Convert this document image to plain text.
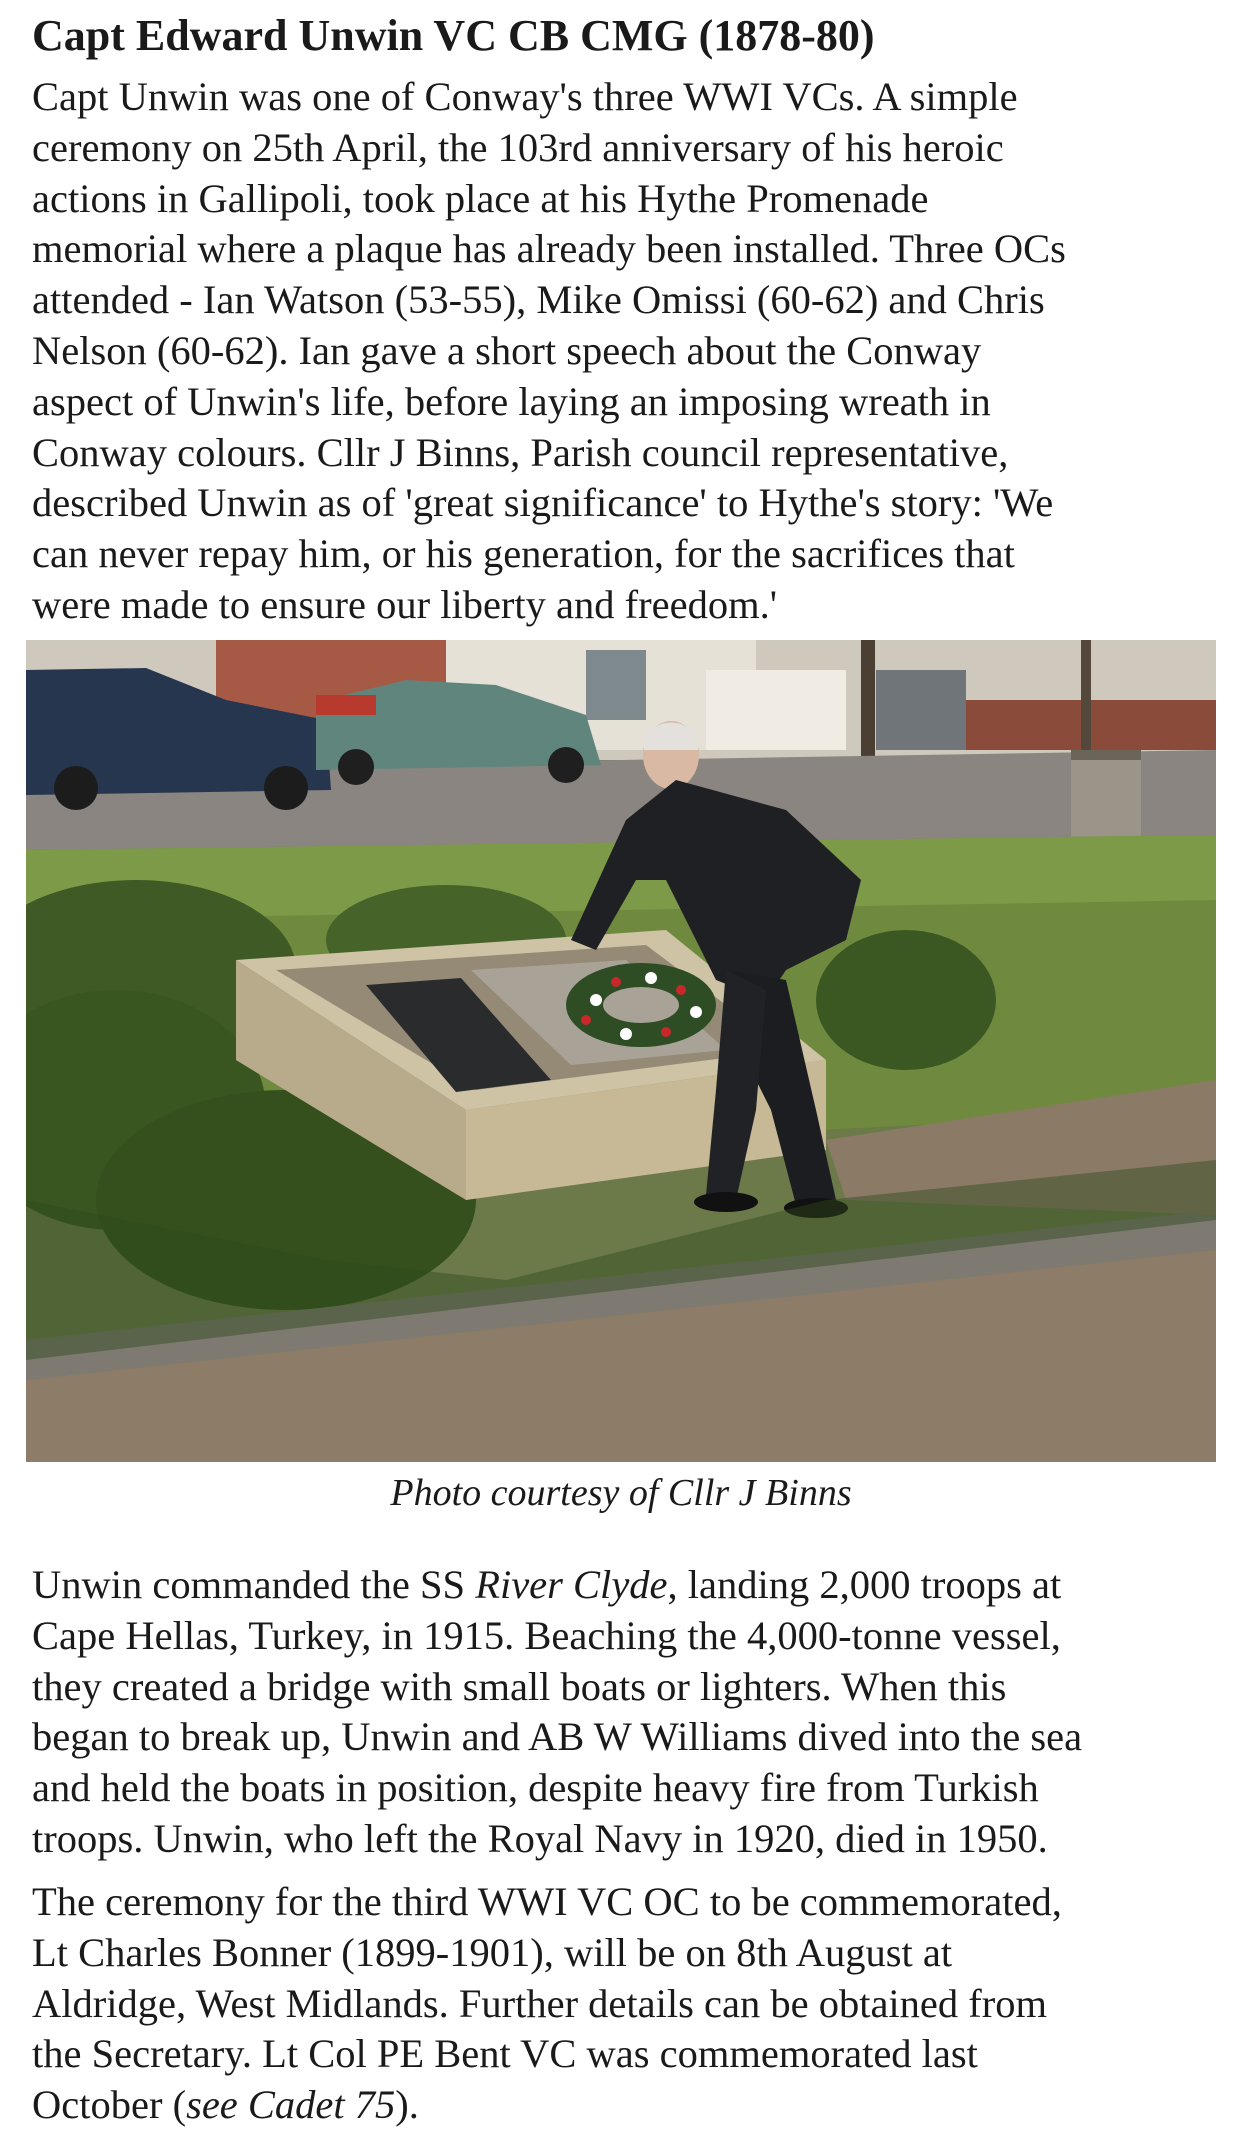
Capt Edward Unwin VC CB CMG (1878-80)

Capt Unwin was one of Conway's three WWI VCs. A simple
ceremony on 25th April, the 103rd anniversary of his heroic
actions in Gallipoli, took place at his Hythe Promenade
memorial where a plaque has already been installed. Three OCs
attended - Ian Watson (53-55), Mike Omissi (60-62) and Chris
Nelson (60-62). Ian gave a short speech about the Conway
aspect of Unwin's life, before laying an imposing wreath in
Conway colours. Cllr J Binns, Parish council representative,
described Unwin as of 'great significance' to Hythe's story: 'We
can never repay him, or his generation, for the sacrifices that
were made to ensure our liberty and freedom.'

Photo courtesy of Cllr J Binns

Unwin commanded the SS River Clyde, landing 2,000 troops at
Cape Hellas, Turkey, in 1915. Beaching the 4,000-tonne vessel,
they created a bridge with small boats or lighters. When this
began to break up, Unwin and AB W Williams dived into the sea
and held the boats in position, despite heavy fire from Turkish
troops. Unwin, who left the Royal Navy in 1920, died in 1950.

The ceremony for the third WWI VC OC to be commemorated,
Lt Charles Bonner (1899-1901), will be on 8th August at
Aldridge, West Midlands. Further details can be obtained from
the Secretary. Lt Col PE Bent VC was commemorated last
October (see Cadet 75).
